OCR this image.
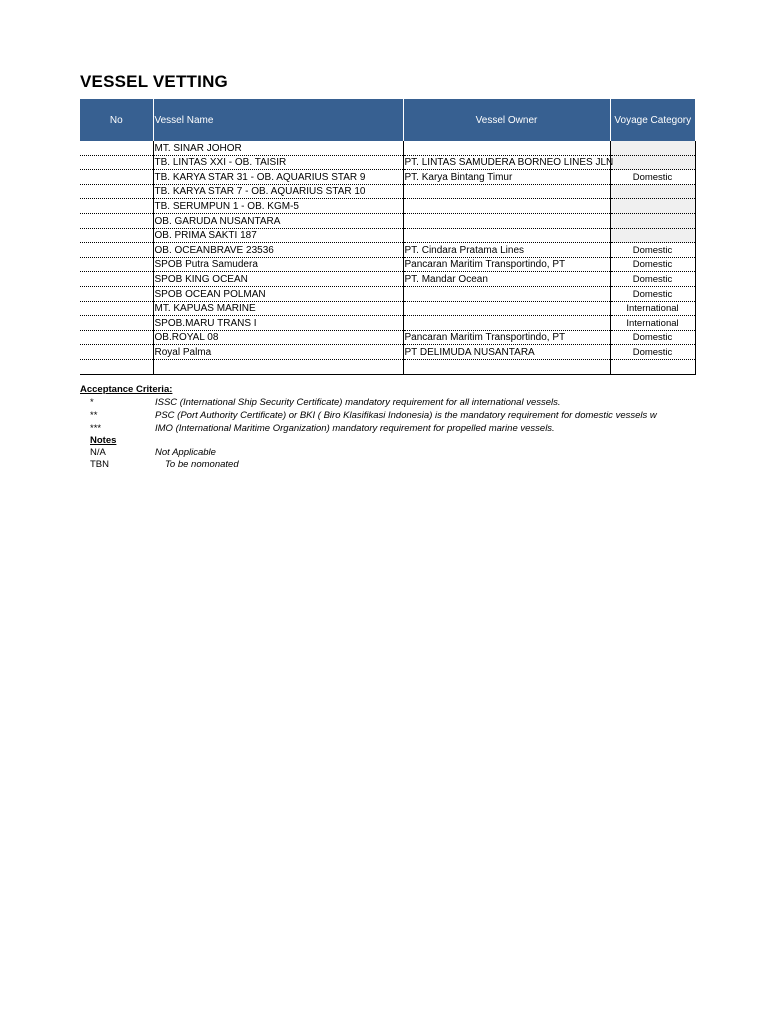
VESSEL VETTING
No	Vessel Name	Vessel Owner	Voyage Category
	MT. SINAR JOHOR		
	TB. LINTAS XXI - OB. TAISIR	PT. LINTAS SAMUDERA BORNEO LINES JLN	
	TB. KARYA STAR 31 - OB. AQUARIUS STAR 9	PT. Karya Bintang Timur	Domestic
	TB. KARYA STAR 7 - OB. AQUARIUS STAR 10		
	TB. SERUMPUN 1 - OB. KGM-5		
	OB. GARUDA NUSANTARA		
	OB. PRIMA SAKTI 187		
	OB. OCEANBRAVE 23536	PT. Cindara Pratama Lines	Domestic
	SPOB Putra Samudera	Pancaran Maritim Transportindo, PT	Domestic
	SPOB KING OCEAN	PT. Mandar Ocean	Domestic
	SPOB OCEAN POLMAN		Domestic
	MT. KAPUAS MARINE		International
	SPOB.MARU TRANS I		International
	OB.ROYAL 08	Pancaran Maritim Transportindo, PT	Domestic
	Royal Palma	PT DELIMUDA NUSANTARA	Domestic

Acceptance Criteria:
*	ISSC (International Ship Security Certificate) mandatory requirement for all international vessels.
**	PSC (Port Authority Certificate) or BKI ( Biro Klasifikasi Indonesia) is the mandatory requirement for domestic vessels w
***	IMO (International Maritime Organization) mandatory requirement for propelled marine vessels.
Notes
N/A	Not Applicable
TBN	To be nomonated
